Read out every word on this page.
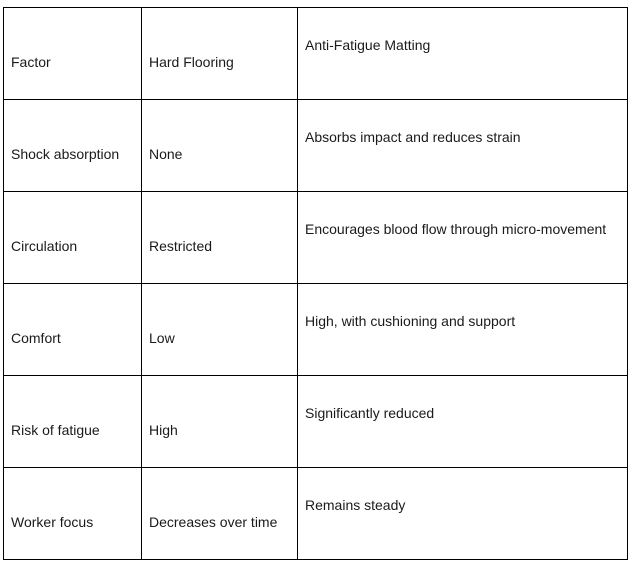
Factor	Hard Flooring	Anti-Fatigue Matting
Shock absorption	None	Absorbs impact and reduces strain
Circulation	Restricted	Encourages blood flow through micro-movement
Comfort	Low	High, with cushioning and support
Risk of fatigue	High	Significantly reduced
Worker focus	Decreases over time	Remains steady
